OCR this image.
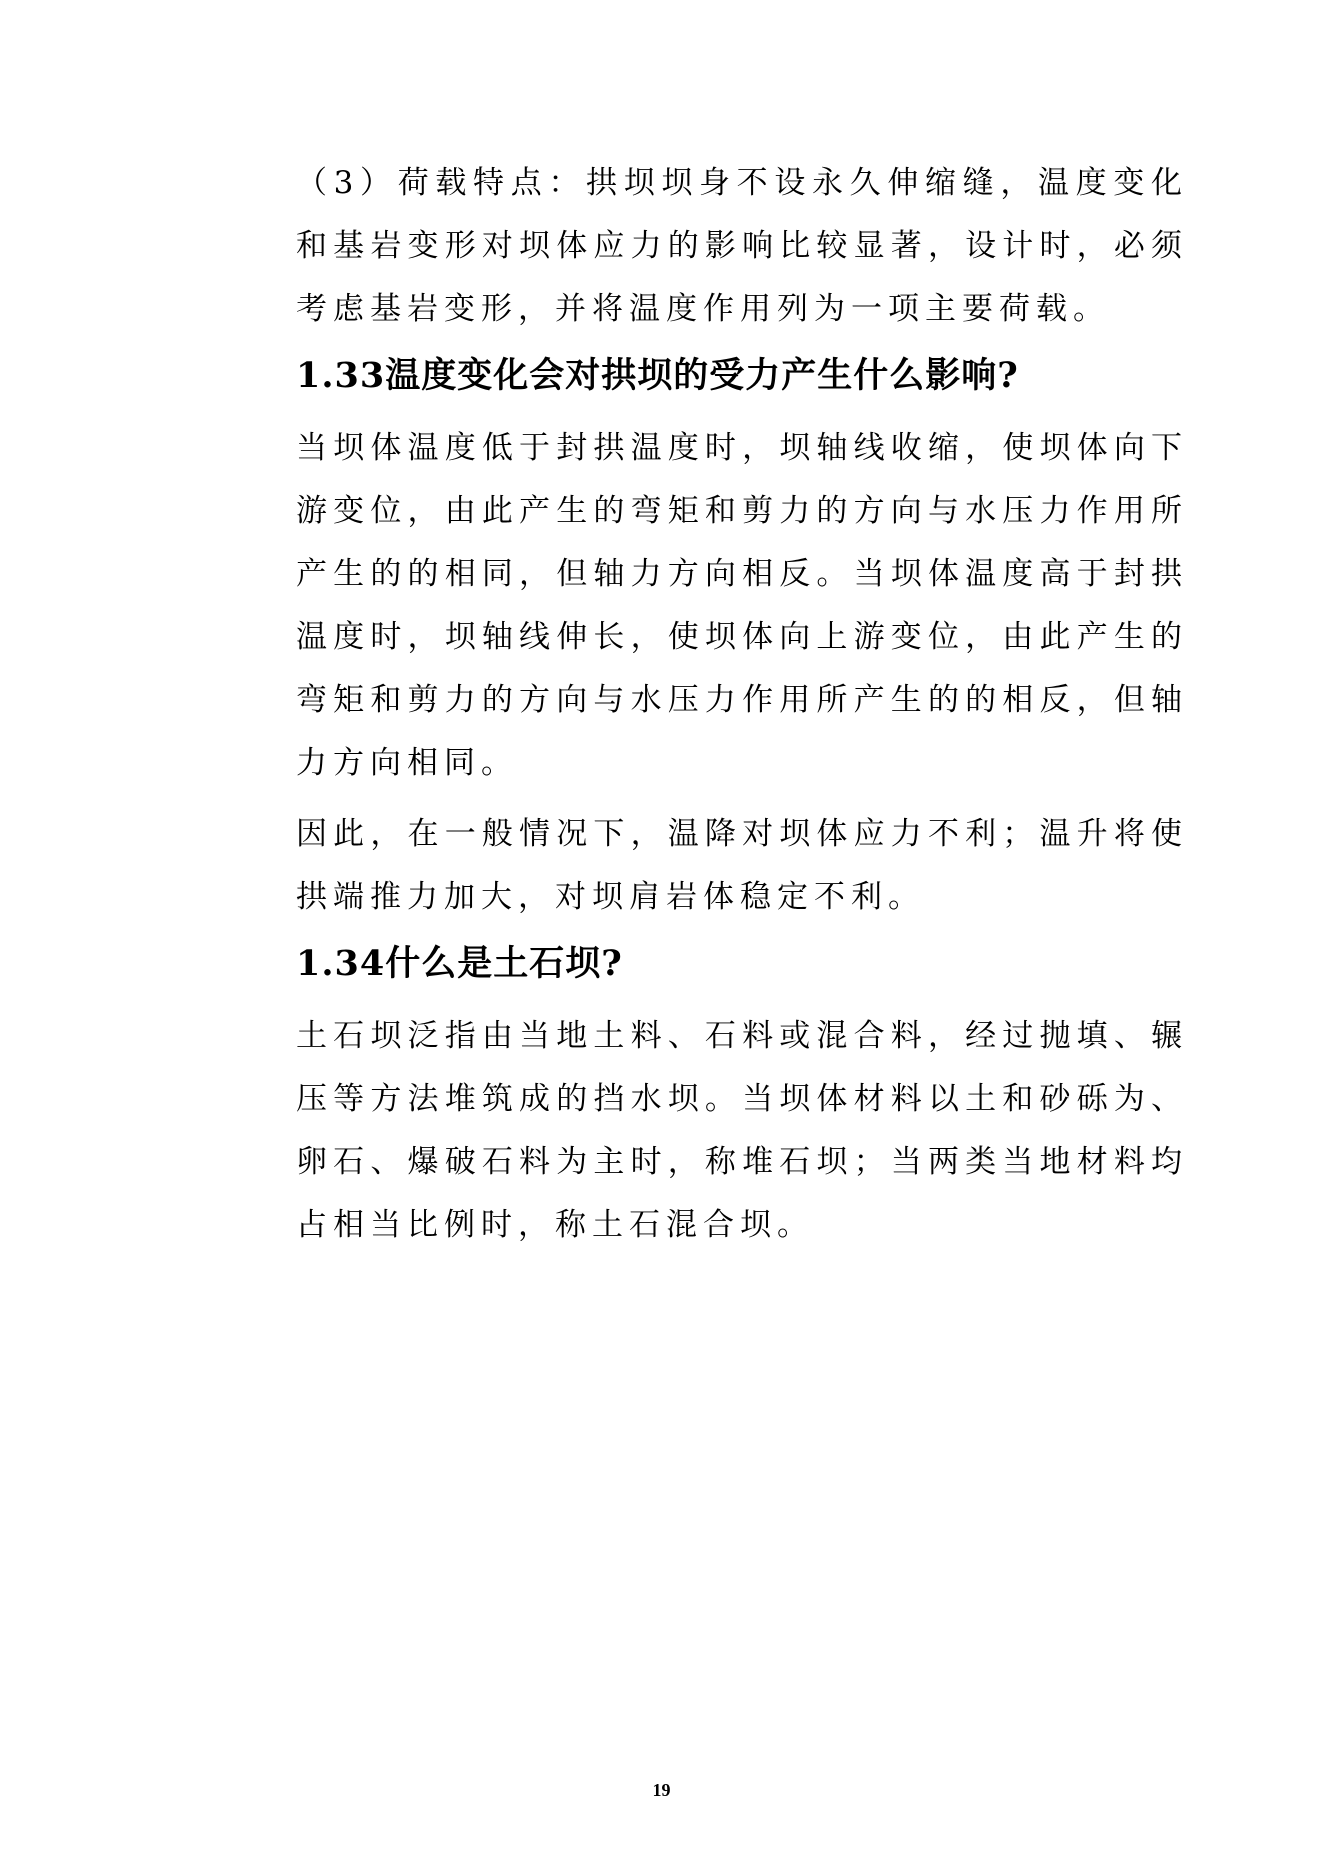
（3）荷载特点：拱坝坝身不设永久伸缩缝，温度变化和基岩变形对坝体应力的影响比较显著，设计时，必须考虑基岩变形，并将温度作用列为一项主要荷载。

1.33温度变化会对拱坝的受力产生什么影响?

当坝体温度低于封拱温度时，坝轴线收缩，使坝体向下游变位，由此产生的弯矩和剪力的方向与水压力作用所产生的的相同，但轴力方向相反。当坝体温度高于封拱温度时，坝轴线伸长，使坝体向上游变位，由此产生的弯矩和剪力的方向与水压力作用所产生的的相反，但轴力方向相同。

因此，在一般情况下，温降对坝体应力不利；温升将使拱端推力加大，对坝肩岩体稳定不利。

1.34什么是土石坝?

土石坝泛指由当地土料、石料或混合料，经过抛填、辗压等方法堆筑成的挡水坝。当坝体材料以土和砂砾为、卵石、爆破石料为主时，称堆石坝；当两类当地材料均占相当比例时，称土石混合坝。

19
